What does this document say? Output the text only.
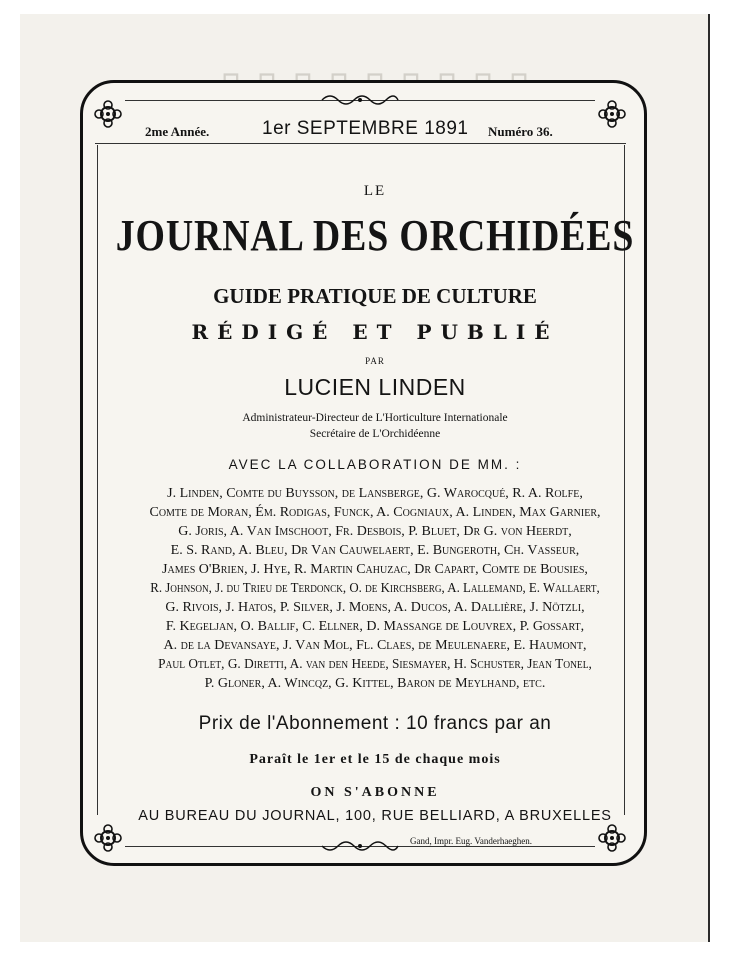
2me Année.	1er SEPTEMBRE 1891 Numéro 36.
LE
JOURNAL DES ORCHIDÉES
GUIDE PRATIQUE DE CULTURE
RÉDIGÉ ET PUBLIÉ
PAR
LUCIEN LINDEN
Administrateur-Directeur de L'Horticulture Internationale
Secrétaire de L'Orchidéenne
AVEC LA COLLABORATION DE MM. :
J. Linden, Comte du Buysson, de Lansberge, G. Warocqué, R. A. Rolfe,
Comte de Moran, Ém. Rodigas, Funck, A. Cogniaux, A. Linden, Max Garnier,
G. Joris, A. Van Imschoot, Fr. Desbois, P. Bluet, Dr G. von Heerdt,
E. S. Rand, A. Bleu, Dr Van Cauwelaert, E. Bungeroth, Ch. Vasseur,
James O'Brien, J. Hye, R. Martin Cahuzac, Dr Capart, Comte de Bousies,
R. Johnson, J. du Trieu de Terdonck, O. de Kirchsberg, A. Lallemand, E. Wallaert,
G. Rivois, J. Hatos, P. Silver, J. Moens, A. Ducos, A. Dallière, J. Nötzli,
F. Kegeljan, O. Ballif, C. Ellner, D. Massange de Louvrex, P. Gossart,
A. de la Devansaye, J. Van Mol, Fl. Claes, de Meulenaere, E. Haumont,
Paul Otlet, G. Diretti, A. van den Heede, Siesmayer, H. Schuster, Jean Tonel,
P. Gloner, A. Wincqz, G. Kittel, Baron de Meylhand, etc.
Prix de l'Abonnement : 10 francs par an
Paraît le 1er et le 15 de chaque mois
ON S'ABONNE
AU BUREAU DU JOURNAL, 100, RUE BELLIARD, A BRUXELLES
Gand, Impr. Eug. Vanderhaeghen.
